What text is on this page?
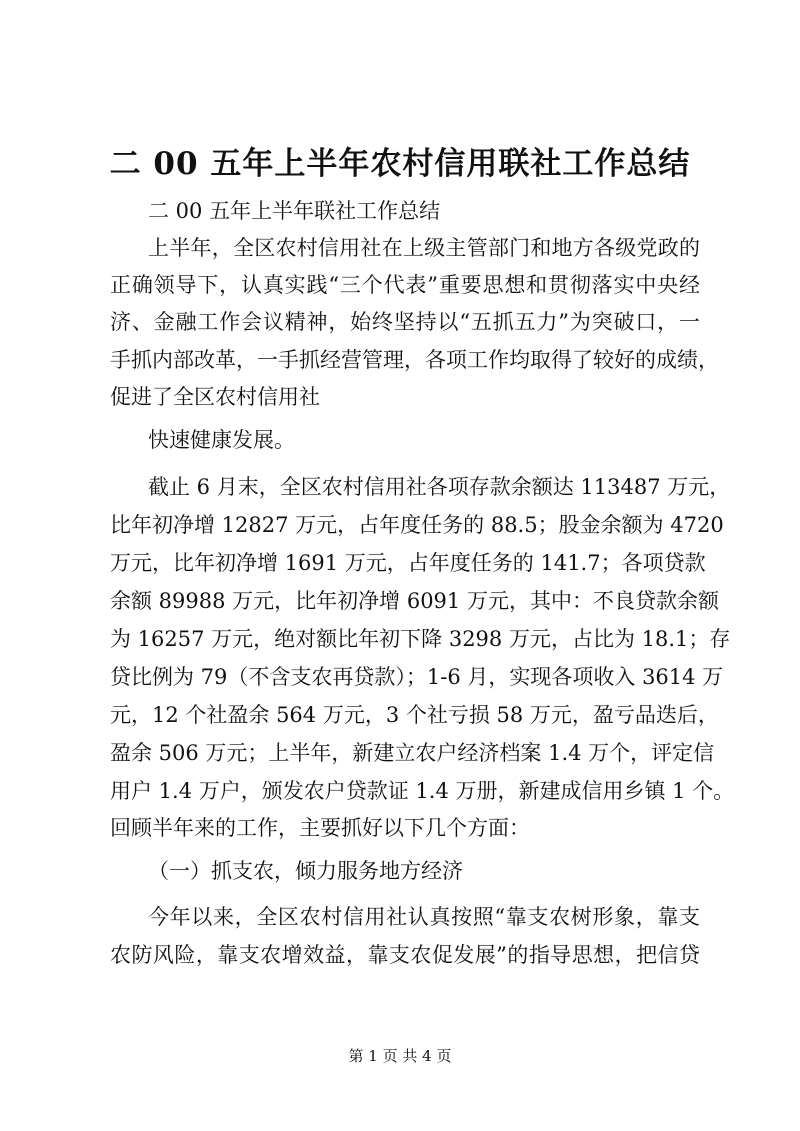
二 00 五年上半年农村信用联社工作总结
二 00 五年上半年联社工作总结
上半年，全区农村信用社在上级主管部门和地方各级党政的
正确领导下，认真实践“三个代表”重要思想和贯彻落实中央经
济、金融工作会议精神，始终坚持以“五抓五力”为突破口，一
手抓内部改革，一手抓经营管理，各项工作均取得了较好的成绩，
促进了全区农村信用社
快速健康发展。
截止 6 月末，全区农村信用社各项存款余额达 113487 万元，
比年初净增 12827 万元，占年度任务的 88.5；股金余额为 4720
万元，比年初净增 1691 万元，占年度任务的 141.7；各项贷款
余额 89988 万元，比年初净增 6091 万元，其中：不良贷款余额
为 16257 万元，绝对额比年初下降 3298 万元，占比为 18.1；存
贷比例为 79（不含支农再贷款）；1-6 月，实现各项收入 3614 万
元，12 个社盈余 564 万元，3 个社亏损 58 万元，盈亏品迭后，
盈余 506 万元；上半年，新建立农户经济档案 1.4 万个，评定信
用户 1.4 万户，颁发农户贷款证 1.4 万册，新建成信用乡镇 1 个。
回顾半年来的工作，主要抓好以下几个方面：
（一）抓支农，倾力服务地方经济
今年以来，全区农村信用社认真按照“靠支农树形象，靠支
农防风险，靠支农增效益，靠支农促发展”的指导思想，把信贷
第 1 页 共 4 页
